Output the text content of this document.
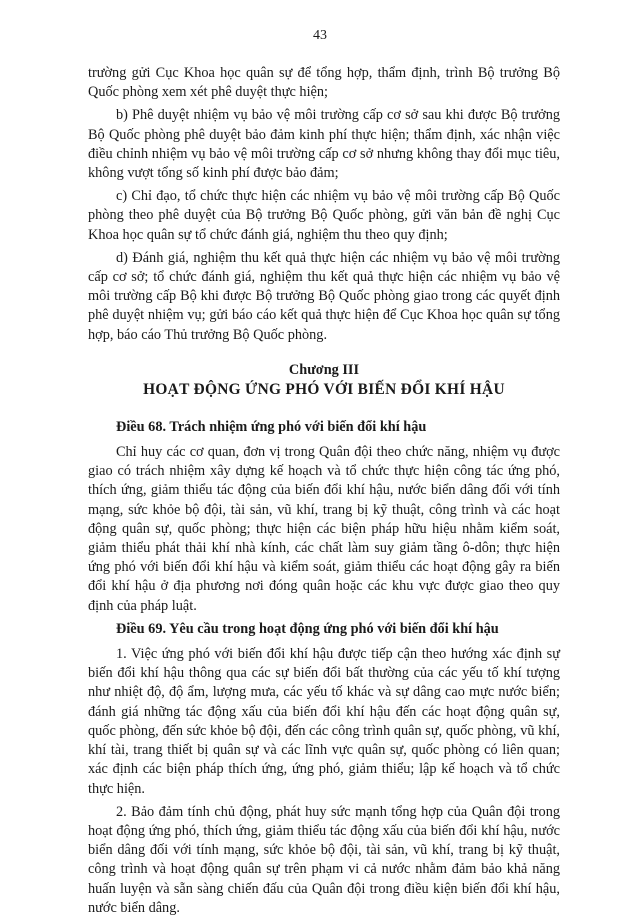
43

trường gửi Cục Khoa học quân sự để tổng hợp, thẩm định, trình Bộ trưởng Bộ Quốc phòng xem xét phê duyệt thực hiện;

b) Phê duyệt nhiệm vụ bảo vệ môi trường cấp cơ sở sau khi được Bộ trưởng Bộ Quốc phòng phê duyệt bảo đảm kinh phí thực hiện; thẩm định, xác nhận việc điều chỉnh nhiệm vụ bảo vệ môi trường cấp cơ sở nhưng không thay đổi mục tiêu, không vượt tổng số kinh phí được bảo đảm;

c) Chỉ đạo, tổ chức thực hiện các nhiệm vụ bảo vệ môi trường cấp Bộ Quốc phòng theo phê duyệt của Bộ trưởng Bộ Quốc phòng, gửi văn bản đề nghị Cục Khoa học quân sự tổ chức đánh giá, nghiệm thu theo quy định;

d) Đánh giá, nghiệm thu kết quả thực hiện các nhiệm vụ bảo vệ môi trường cấp cơ sở; tổ chức đánh giá, nghiệm thu kết quả thực hiện các nhiệm vụ bảo vệ môi trường cấp Bộ khi được Bộ trưởng Bộ Quốc phòng giao trong các quyết định phê duyệt nhiệm vụ; gửi báo cáo kết quả thực hiện để Cục Khoa học quân sự tổng hợp, báo cáo Thủ trưởng Bộ Quốc phòng.

Chương III

HOẠT ĐỘNG ỨNG PHÓ VỚI BIẾN ĐỔI KHÍ HẬU

Điều 68. Trách nhiệm ứng phó với biến đổi khí hậu

Chỉ huy các cơ quan, đơn vị trong Quân đội theo chức năng, nhiệm vụ được giao có trách nhiệm xây dựng kế hoạch và tổ chức thực hiện công tác ứng phó, thích ứng, giảm thiểu tác động của biến đổi khí hậu, nước biển dâng đối với tính mạng, sức khỏe bộ đội, tài sản, vũ khí, trang bị kỹ thuật, công trình và các hoạt động quân sự, quốc phòng; thực hiện các biện pháp hữu hiệu nhằm kiểm soát, giảm thiểu phát thải khí nhà kính, các chất làm suy giảm tầng ô-dôn; thực hiện ứng phó với biến đổi khí hậu và kiểm soát, giảm thiểu các hoạt động gây ra biến đổi khí hậu ở địa phương nơi đóng quân hoặc các khu vực được giao theo quy định của pháp luật.

Điều 69. Yêu cầu trong hoạt động ứng phó với biến đổi khí hậu

1. Việc ứng phó với biến đổi khí hậu được tiếp cận theo hướng xác định sự biến đổi khí hậu thông qua các sự biến đổi bất thường của các yếu tố khí tượng như nhiệt độ, độ ẩm, lượng mưa, các yếu tố khác và sự dâng cao mực nước biển; đánh giá những tác động xấu của biến đổi khí hậu đến các hoạt động quân sự, quốc phòng, đến sức khỏe bộ đội, đến các công trình quân sự, quốc phòng, vũ khí, khí tài, trang thiết bị quân sự và các lĩnh vực quân sự, quốc phòng có liên quan; xác định các biện pháp thích ứng, ứng phó, giảm thiểu; lập kế hoạch và tổ chức thực hiện.

2. Bảo đảm tính chủ động, phát huy sức mạnh tổng hợp của Quân đội trong hoạt động ứng phó, thích ứng, giảm thiểu tác động xấu của biến đổi khí hậu, nước biển dâng đối với tính mạng, sức khỏe bộ đội, tài sản, vũ khí, trang bị kỹ thuật, công trình và hoạt động quân sự trên phạm vi cả nước nhằm đảm bảo khả năng huấn luyện và sẵn sàng chiến đấu của Quân đội trong điều kiện biến đổi khí hậu, nước biển dâng.
